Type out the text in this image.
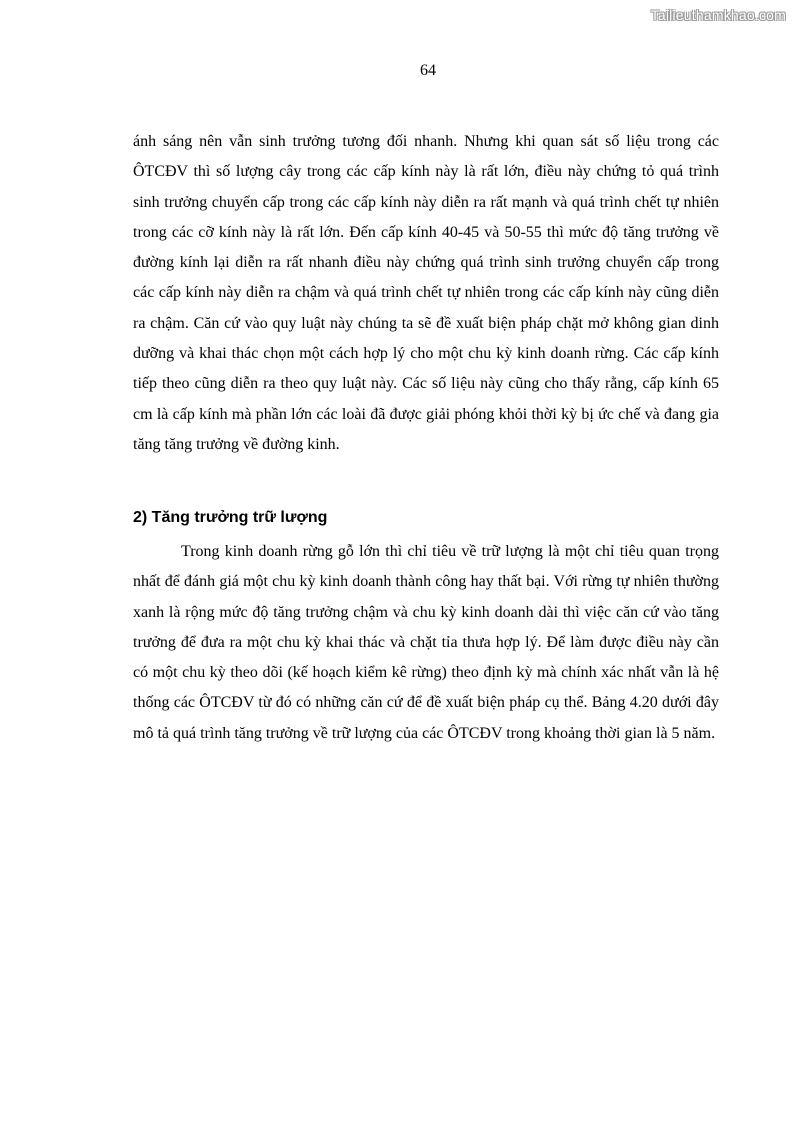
Tailieuthamkhao.com
64

ánh sáng nên vẫn sinh trưởng tương đối nhanh. Nhưng khi quan sát số liệu trong các ÔTCĐV thì số lượng cây trong các cấp kính này là rất lớn, điều này chứng tỏ quá trình sinh trưởng chuyển cấp trong các cấp kính này diễn ra rất mạnh và quá trình chết tự nhiên trong các cỡ kính này là rất lớn. Đến cấp kính 40-45 và 50-55 thì mức độ tăng trưởng về đường kính lại diễn ra rất nhanh điều này chứng quá trình sinh trưởng chuyển cấp trong các cấp kính này diễn ra chậm và quá trình chết tự nhiên trong các cấp kính này cũng diễn ra chậm. Căn cứ vào quy luật này chúng ta sẽ đề xuất biện pháp chặt mở không gian dinh dưỡng và khai thác chọn một cách hợp lý cho một chu kỳ kinh doanh rừng. Các cấp kính tiếp theo cũng diễn ra theo quy luật này. Các số liệu này cũng cho thấy rằng, cấp kính 65 cm là cấp kính mà phần lớn các loài đã được giải phóng khỏi thời kỳ bị ức chế và đang gia tăng tăng trưởng về đường kinh.

2) Tăng trưởng trữ lượng

Trong kinh doanh rừng gỗ lớn thì chỉ tiêu về trữ lượng là một chỉ tiêu quan trọng nhất để đánh giá một chu kỳ kinh doanh thành công hay thất bại. Với rừng tự nhiên thường xanh là rộng mức độ tăng trưởng chậm và chu kỳ kinh doanh dài thì việc căn cứ vào tăng trưởng để đưa ra một chu kỳ khai thác và chặt tỉa thưa hợp lý. Để làm được điều này cần có một chu kỳ theo dõi (kế hoạch kiểm kê rừng) theo định kỳ mà chính xác nhất vẫn là hệ thống các ÔTCĐV từ đó có những căn cứ để đề xuất biện pháp cụ thể. Bảng 4.20 dưới đây mô tả quá trình tăng trưởng về trữ lượng của các ÔTCĐV trong khoảng thời gian là 5 năm.
